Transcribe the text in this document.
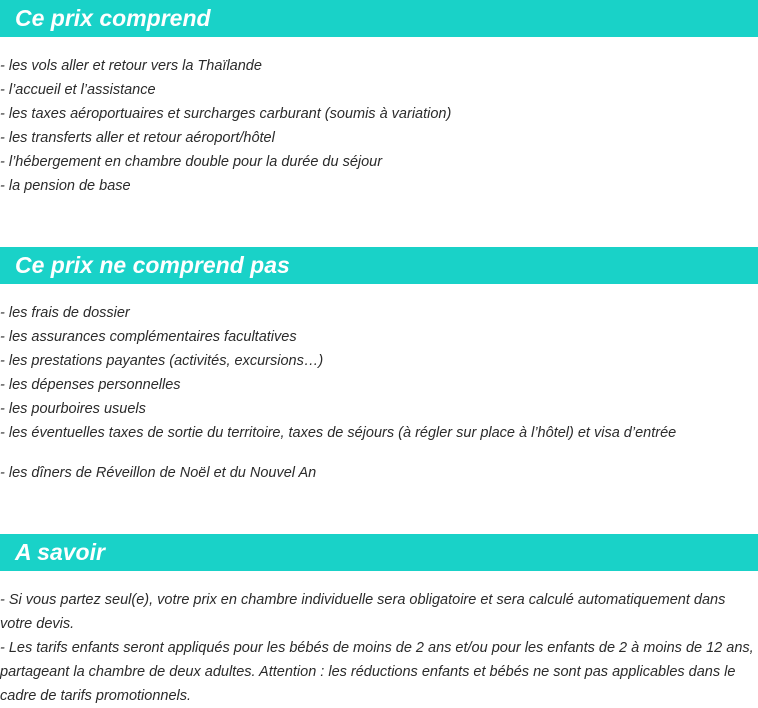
Ce prix comprend
- les vols aller et retour vers la Thaïlande
- l’accueil et l’assistance
- les taxes aéroportuaires et surcharges carburant (soumis à variation)
- les transferts aller et retour aéroport/hôtel
- l’hébergement en chambre double pour la durée du séjour
- la pension de base
Ce prix ne comprend pas
- les frais de dossier
- les assurances complémentaires facultatives
- les prestations payantes (activités, excursions…)
- les dépenses personnelles
- les pourboires usuels
- les éventuelles taxes de sortie du territoire, taxes de séjours (à régler sur place à l’hôtel) et visa d’entrée
- les dîners de Réveillon de Noël et du Nouvel An
A savoir
- Si vous partez seul(e), votre prix en chambre individuelle sera obligatoire et sera calculé automatiquement dans votre devis.
- Les tarifs enfants seront appliqués pour les bébés de moins de 2 ans et/ou pour les enfants de 2 à moins de 12 ans, partageant la chambre de deux adultes. Attention : les réductions enfants et bébés ne sont pas applicables dans le cadre de tarifs promotionnels.
